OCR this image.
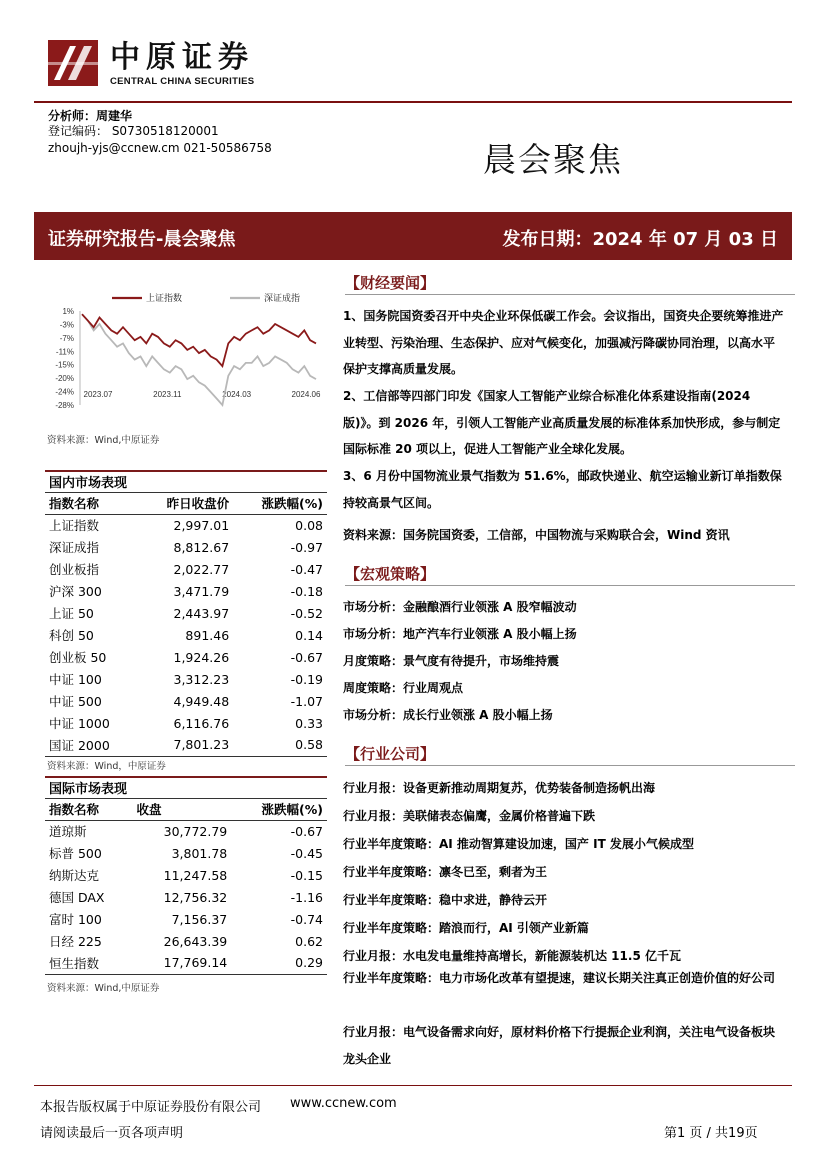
中原证券
CENTRAL CHINA SECURITIES
分析师：周建华
登记编码： S0730518120001
zhoujh-yjs@ccnew.cm 021-50586758	晨会聚焦
证券研究报告-晨会聚焦	发布日期：2024 年 07 月 03 日
1%
-3%
-7%
-11%
-15%
-20%
-24%
-28%
2023.07	2023.11	2024.03	2024.06
上证指数	深证成指
资料来源：Wind,中原证券
国内市场表现		
指数名称	昨日收盘价	涨跌幅(%)
上证指数	2,997.01	0.08
深证成指	8,812.67	-0.97
创业板指	2,022.77	-0.47
沪深 300	3,471.79	-0.18
上证 50	2,443.97	-0.52
科创 50	891.46	0.14
创业板 50	1,924.26	-0.67
中证 100	3,312.23	-0.19
中证 500	4,949.48	-1.07
中证 1000	6,116.76	0.33
国证 2000	7,801.23	0.58
资料来源：Wind，中原证券
国际市场表现		
指数名称	收盘	涨跌幅(%)
道琼斯	30,772.79	-0.67
标普 500	3,801.78	-0.45
纳斯达克	11,247.58	-0.15
德国 DAX	12,756.32	-1.16
富时 100	7,156.37	-0.74
日经 225	26,643.39	0.62
恒生指数	17,769.14	0.29
资料来源：Wind,中原证券
【财经要闻】
1、国务院国资委召开中央企业环保低碳工作会。会议指出，国资央企要统筹推进产业转型、污染治理、生态保护、应对气候变化，加强减污降碳协同治理，以高水平保护支撑高质量发展。
2、工信部等四部门印发《国家人工智能产业综合标准化体系建设指南(2024 版)》。到 2026 年，引领人工智能产业高质量发展的标准体系加快形成，参与制定国际标准 20 项以上，促进人工智能产业全球化发展。
3、6 月份中国物流业景气指数为 51.6%，邮政快递业、航空运输业新订单指数保持较高景气区间。
资料来源：国务院国资委，工信部，中国物流与采购联合会，Wind 资讯
【宏观策略】
市场分析：金融酿酒行业领涨 A 股窄幅波动
市场分析：地产汽车行业领涨 A 股小幅上扬
月度策略：景气度有待提升，市场维持震
周度策略：行业周观点
市场分析：成长行业领涨 A 股小幅上扬
【行业公司】
行业月报：设备更新推动周期复苏，优势装备制造扬帆出海
行业月报：美联储表态偏鹰，金属价格普遍下跌
行业半年度策略：AI 推动智算建设加速，国产 IT 发展小气候成型
行业半年度策略：凛冬已至，剩者为王
行业半年度策略：稳中求进，静待云开
行业半年度策略：踏浪而行，AI 引领产业新篇
行业月报：水电发电量维持高增长，新能源装机达 11.5 亿千瓦
行业半年度策略：电力市场化改革有望提速，建议长期关注真正创造价值的好公司
行业月报：电气设备需求向好，原材料价格下行提振企业利润，关注电气设备板块龙头企业
本报告版权属于中原证券股份有限公司 www.ccnew.com
请阅读最后一页各项声明	第1 页 / 共19页
